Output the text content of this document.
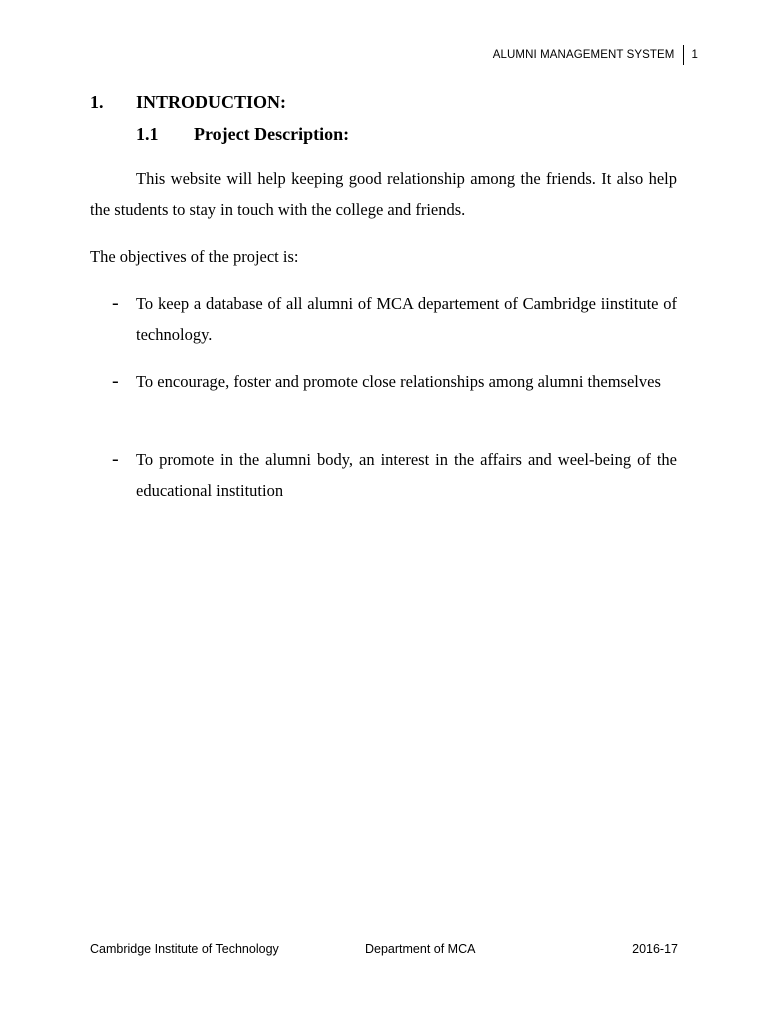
ALUMNI MANAGEMENT SYSTEM 1
1. INTRODUCTION:
1.1 Project Description:

This website will help keeping good relationship among the friends. It also help the students to stay in touch with the college and friends.

The objectives of the project is:

-	To keep a database of all alumni of MCA departement of Cambridge iinstitute of technology.
-	To encourage, foster and promote close relationships among alumni themselves
-	To promote in the alumni body, an interest in the affairs and weel-being of the educational institution
Cambridge Institute of Technology	Department of MCA	2016-17
